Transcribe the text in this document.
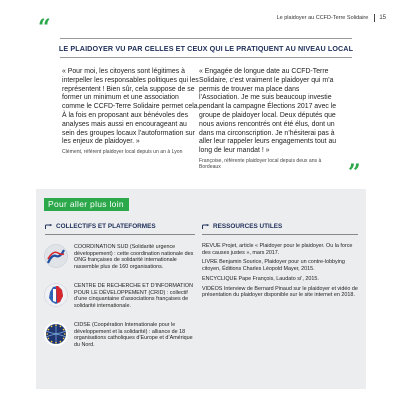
Le plaidoyer au CCFD-Terre Solidaire	15
“
LE PLAIDOYER VU PAR CELLES ET CEUX QUI LE PRATIQUENT AU NIVEAU LOCAL

« Pour moi, les citoyens sont légitimes à interpeller les responsables politiques qui les représentent ! Bien sûr, cela suppose de se former un minimum et une association comme le CCFD-Terre Solidaire permet cela. À la fois en proposant aux bénévoles des analyses mais aussi en encourageant au sein des groupes locaux l’autoformation sur les enjeux de plaidoyer. »

Clément, référent plaidoyer local depuis un an à Lyon

« Engagée de longue date au CCFD-Terre Solidaire, c’est vraiment le plaidoyer qui m’a permis de trouver ma place dans l’Association. Je me suis beaucoup investie pendant la campagne Élections 2017 avec le groupe de plaidoyer local. Deux députés que nous avions rencontrés ont été élus, dont un dans ma circonscription. Je n’hésiterai pas à aller leur rappeler leurs engagements tout au long de leur mandat ! »

Françoise, référente plaidoyer local depuis deux ans à Bordeaux	”
Pour aller plus loin
COLLECTIFS ET PLATEFORMES	RESSOURCES UTILES
COORDINATION SUD (Solidarité urgence développement) : cette coordination nationale des ONG françaises de solidarité internationale rassemble plus de 160 organisations.
CENTRE DE RECHERCHE ET D’INFORMATION POUR LE DÉVELOPPEMENT (CRID) : collectif d’une cinquantaine d’associations françaises de solidarité internationale.
CIDSE (Coopération Internationale pour le développement et la solidarité) : alliance de 18 organisations catholiques d’Europe et d’Amérique du Nord.

REVUE Projet, article « Plaidoyer pour le plaidoyer. Ou la force des causes justes », mars 2017.

LIVRE Benjamin Sourice, Plaidoyer pour un contre-lobbying citoyen, Éditions Charles Léopold Mayer, 2015.

ENCYCLIQUE Pape François, Laudato si’, 2015.

VIDÉOS Interview de Bernard Pinaud sur le plaidoyer et vidéo de présentation du plaidoyer disponible sur le site internet en 2018.
